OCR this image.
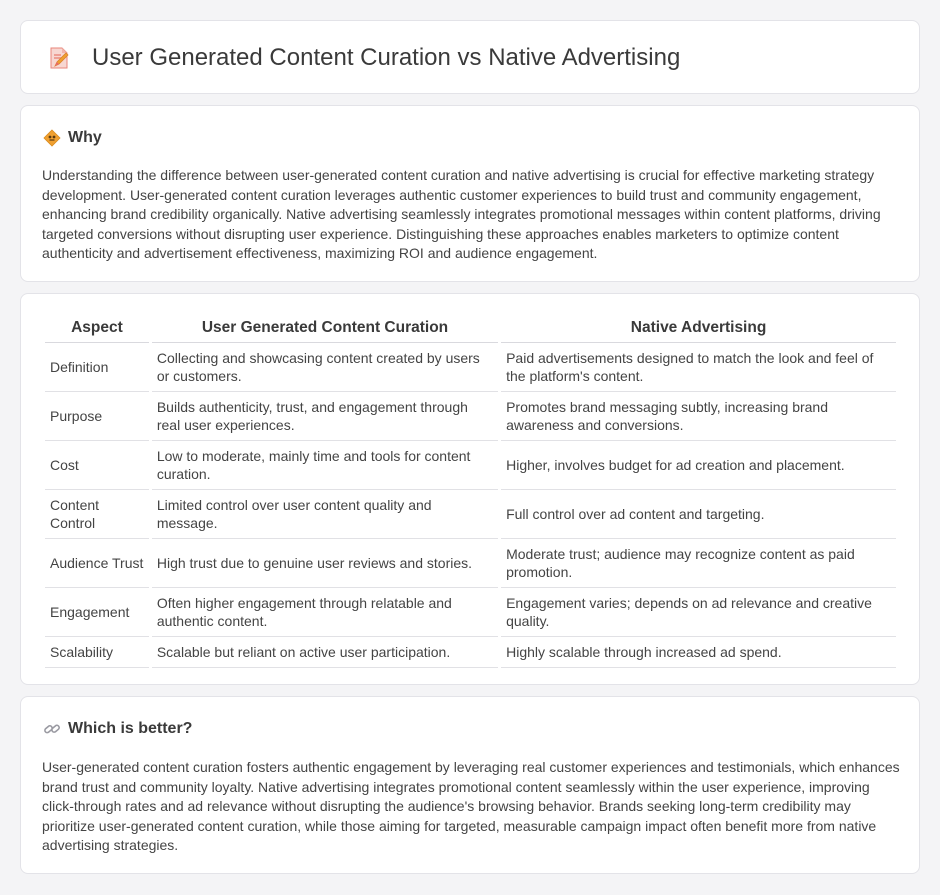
User Generated Content Curation vs Native Advertising
Why

Understanding the difference between user-generated content curation and native advertising is crucial for effective marketing strategy development. User-generated content curation leverages authentic customer experiences to build trust and community engagement, enhancing brand credibility organically. Native advertising seamlessly integrates promotional messages within content platforms, driving targeted conversions without disrupting user experience. Distinguishing these approaches enables marketers to optimize content authenticity and advertisement effectiveness, maximizing ROI and audience engagement.

Aspect	User Generated Content Curation	Native Advertising
Definition	Collecting and showcasing content created by users or customers.	Paid advertisements designed to match the look and feel of the platform's content.
Purpose	Builds authenticity, trust, and engagement through real user experiences.	Promotes brand messaging subtly, increasing brand awareness and conversions.
Cost	Low to moderate, mainly time and tools for content curation.	Higher, involves budget for ad creation and placement.
Content Control	Limited control over user content quality and message.	Full control over ad content and targeting.
Audience Trust	High trust due to genuine user reviews and stories.	Moderate trust; audience may recognize content as paid promotion.
Engagement	Often higher engagement through relatable and authentic content.	Engagement varies; depends on ad relevance and creative quality.
Scalability	Scalable but reliant on active user participation.	Highly scalable through increased ad spend.
Which is better?

User-generated content curation fosters authentic engagement by leveraging real customer experiences and testimonials, which enhances brand trust and community loyalty. Native advertising integrates promotional content seamlessly within the user experience, improving click-through rates and ad relevance without disrupting the audience's browsing behavior. Brands seeking long-term credibility may prioritize user-generated content curation, while those aiming for targeted, measurable campaign impact often benefit more from native advertising strategies.
